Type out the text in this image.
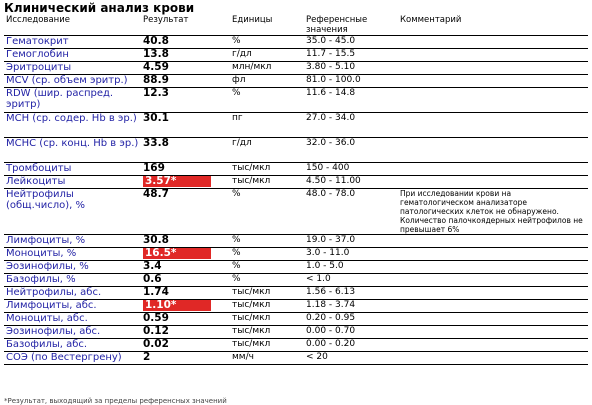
Клинический анализ крови
Исследование	Результат	Единицы	Референсные значения	Комментарий
Гематокрит	40.8	%	35.0 - 45.0	
Гемоглобин	13.8	г/дл	11.7 - 15.5	
Эритроциты	4.59	млн/мкл	3.80 - 5.10	
MCV (ср. объем эритр.)	88.9	фл	81.0 - 100.0	
RDW (шир. распред. эритр)	12.3	%	11.6 - 14.8	
MCH (ср. содер. Hb в эр.)	30.1	пг	27.0 - 34.0	
MCHC (ср. конц. Hb в эр.)	33.8	г/дл	32.0 - 36.0	
Тромбоциты	169	тыс/мкл	150 - 400	
Лейкоциты	3.57*	тыс/мкл	4.50 - 11.00	
Нейтрофилы (общ.число), %	48.7	%	48.0 - 78.0	При исследовании крови на гематологическом анализаторе патологических клеток не обнаружено. Количество палочкоядерных нейтрофилов не превышает 6%
Лимфоциты, %	30.8	%	19.0 - 37.0	
Моноциты, %	16.5*	%	3.0 - 11.0	
Эозинофилы, %	3.4	%	1.0 - 5.0	
Базофилы, %	0.6	%	< 1.0	
Нейтрофилы, абс.	1.74	тыс/мкл	1.56 - 6.13	
Лимфоциты, абс.	1.10*	тыс/мкл	1.18 - 3.74	
Моноциты, абс.	0.59	тыс/мкл	0.20 - 0.95	
Эозинофилы, абс.	0.12	тыс/мкл	0.00 - 0.70	
Базофилы, абс.	0.02	тыс/мкл	0.00 - 0.20	
СОЭ (по Вестергрену)	2	мм/ч	< 20	
*Результат, выходящий за пределы референсных значений
